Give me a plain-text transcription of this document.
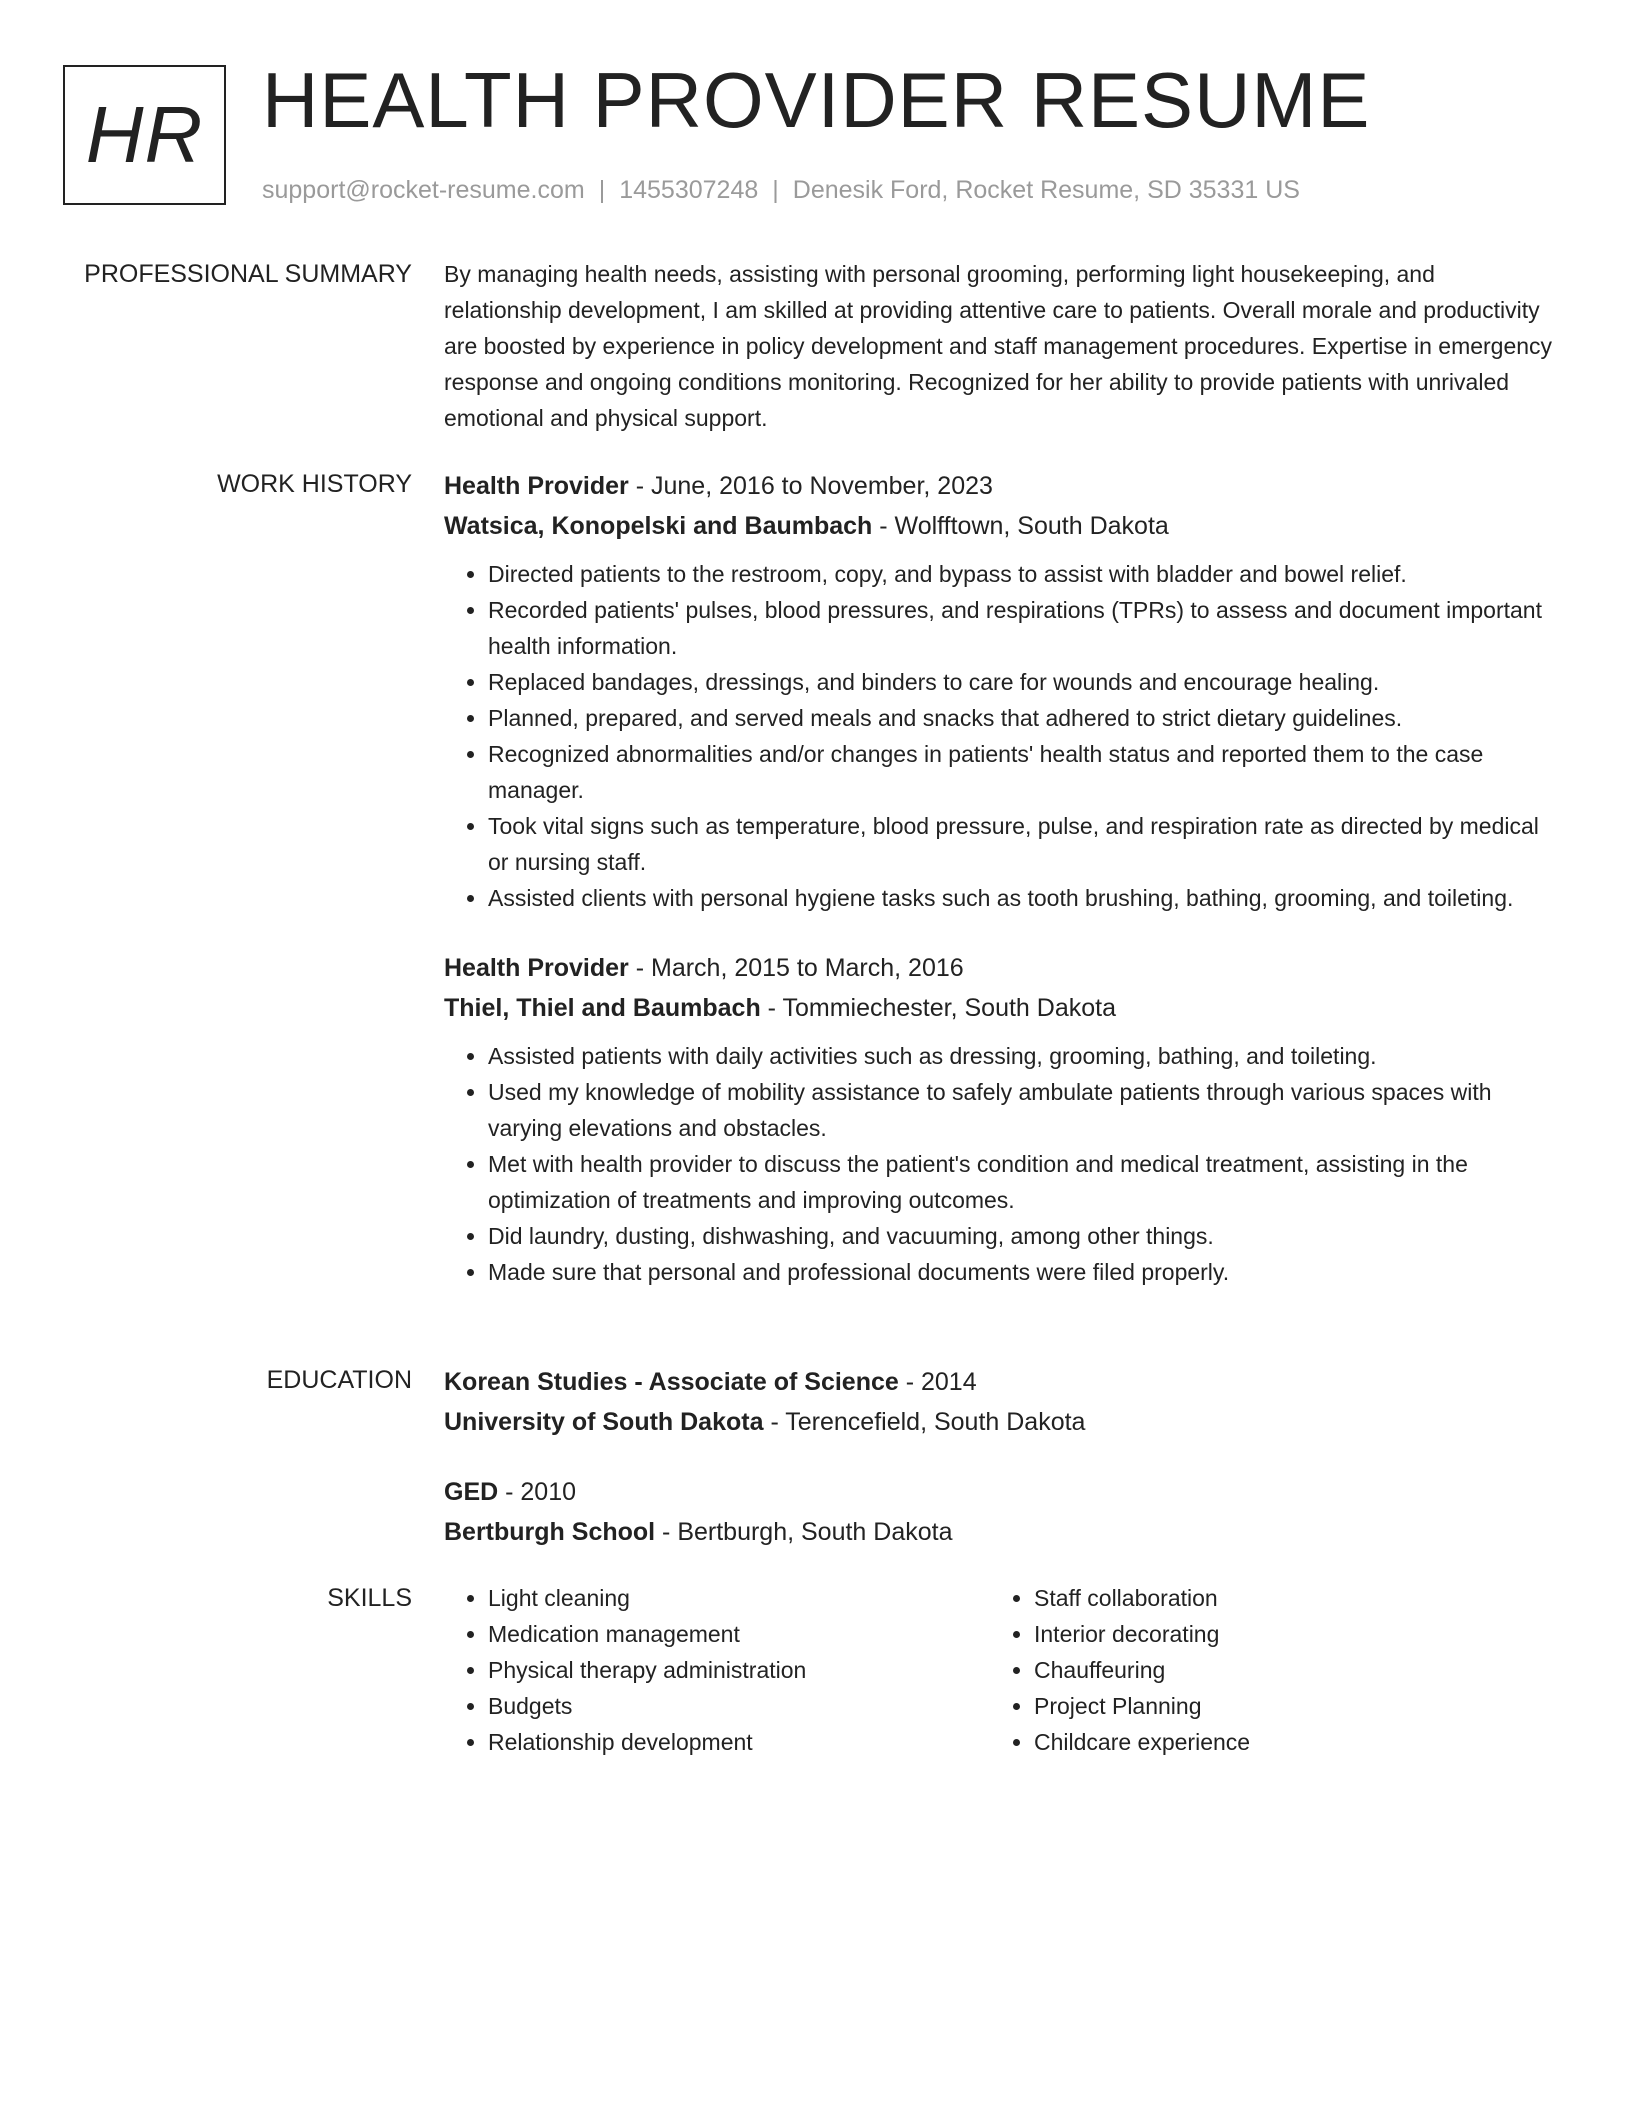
HR HEALTH PROVIDER RESUME
support@rocket-resume.com | 1455307248 | Denesik Ford, Rocket Resume, SD 35331 US
PROFESSIONAL SUMMARY By managing health needs, assisting with personal grooming, performing light housekeeping, and relationship development, I am skilled at providing attentive care to patients. Overall morale and productivity are boosted by experience in policy development and staff management procedures. Expertise in emergency response and ongoing conditions monitoring. Recognized for her ability to provide patients with unrivaled emotional and physical support.

WORK HISTORY Health Provider - June, 2016 to November, 2023

Watsica, Konopelski and Baumbach - Wolfftown, South Dakota

• Directed patients to the restroom, copy, and bypass to assist with bladder and bowel relief.
• Recorded patients' pulses, blood pressures, and respirations (TPRs) to assess and document important health information.
• Replaced bandages, dressings, and binders to care for wounds and encourage healing.
• Planned, prepared, and served meals and snacks that adhered to strict dietary guidelines.
• Recognized abnormalities and/or changes in patients' health status and reported them to the case manager.
• Took vital signs such as temperature, blood pressure, pulse, and respiration rate as directed by medical or nursing staff.
• Assisted clients with personal hygiene tasks such as tooth brushing, bathing, grooming, and toileting.

Health Provider - March, 2015 to March, 2016

Thiel, Thiel and Baumbach - Tommiechester, South Dakota

• Assisted patients with daily activities such as dressing, grooming, bathing, and toileting.
• Used my knowledge of mobility assistance to safely ambulate patients through various spaces with varying elevations and obstacles.
• Met with health provider to discuss the patient's condition and medical treatment, assisting in the optimization of treatments and improving outcomes.
• Did laundry, dusting, dishwashing, and vacuuming, among other things.
• Made sure that personal and professional documents were filed properly.
EDUCATION Korean Studies - Associate of Science - 2014

University of South Dakota - Terencefield, South Dakota

GED - 2010

Bertburgh School - Bertburgh, South Dakota

SKILLS
•	Light cleaning
• Medication management
• Physical therapy administration
• Budgets
• Relationship development
• Staff collaboration
• Interior decorating
• Chauffeuring
• Project Planning
• Childcare experience
